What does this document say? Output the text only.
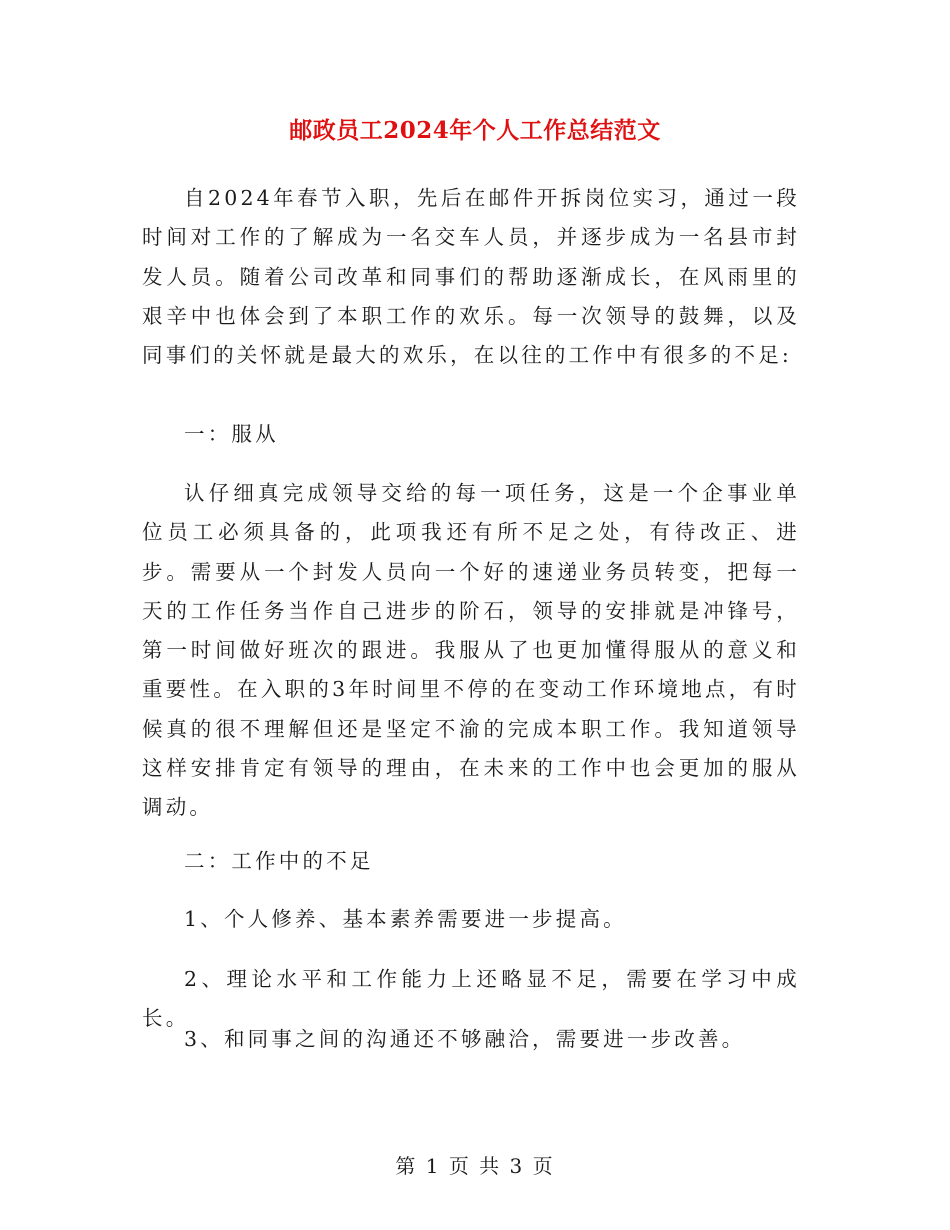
邮政员工2024年个人工作总结范文

自2024年春节入职，先后在邮件开拆岗位实习，通过一段时间对工作的了解成为一名交车人员，并逐步成为一名县市封发人员。随着公司改革和同事们的帮助逐渐成长，在风雨里的艰辛中也体会到了本职工作的欢乐。每一次领导的鼓舞，以及同事们的关怀就是最大的欢乐，在以往的工作中有很多的不足:

一：服从

认仔细真完成领导交给的每一项任务，这是一个企事业单位员工必须具备的，此项我还有所不足之处，有待改正、进步。需要从一个封发人员向一个好的速递业务员转变，把每一天的工作任务当作自己进步的阶石，领导的安排就是冲锋号，第一时间做好班次的跟进。我服从了也更加懂得服从的意义和重要性。在入职的3年时间里不停的在变动工作环境地点，有时候真的很不理解但还是坚定不渝的完成本职工作。我知道领导这样安排肯定有领导的理由，在未来的工作中也会更加的服从调动。

二：工作中的不足

1、个人修养、基本素养需要进一步提高。

2、理论水平和工作能力上还略显不足，需要在学习中成长。

3、和同事之间的沟通还不够融洽，需要进一步改善。

第 1 页 共 3 页
